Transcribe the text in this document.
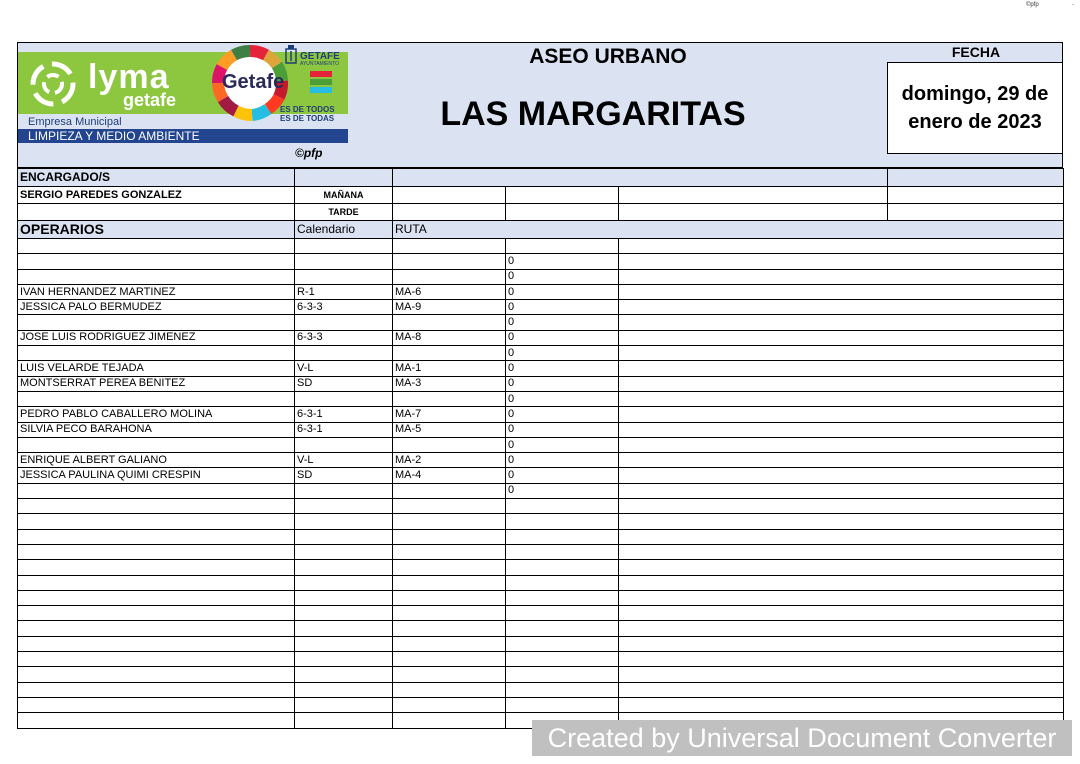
©pfp	-
lyma
getafe
Empresa Municipal
LIMPIEZA Y MEDIO AMBIENTE
Getafe
GETAFE
AYUNTAMIENTO
ES DE TODOS
ES DE TODAS
©pfp
ASEO URBANO
LAS MARGARITAS
FECHA
domingo, 29 de
enero de 2023
ENCARGADO/S					
SERGIO PAREDES GONZALEZ	MAÑANA				
	TARDE				
OPERARIOS	Calendario	RUTA			

			0		
			0		
IVAN HERNANDEZ MARTINEZ	R-1	MA-6	0		
JESSICA PALO BERMUDEZ	6-3-3	MA-9	0		
			0		
JOSE LUIS RODRIGUEZ JIMENEZ	6-3-3	MA-8	0		
			0		
LUIS VELARDE TEJADA	V-L	MA-1	0		
MONTSERRAT PEREA BENITEZ	SD	MA-3	0		
			0		
PEDRO PABLO CABALLERO MOLINA	6-3-1	MA-7	0		
SILVIA PECO BARAHONA	6-3-1	MA-5	0		
			0		
ENRIQUE ALBERT GALIANO	V-L	MA-2	0		
JESSICA PAULINA QUIMI CRESPIN	SD	MA-4	0		
			0		

Created by Universal Document Converter
